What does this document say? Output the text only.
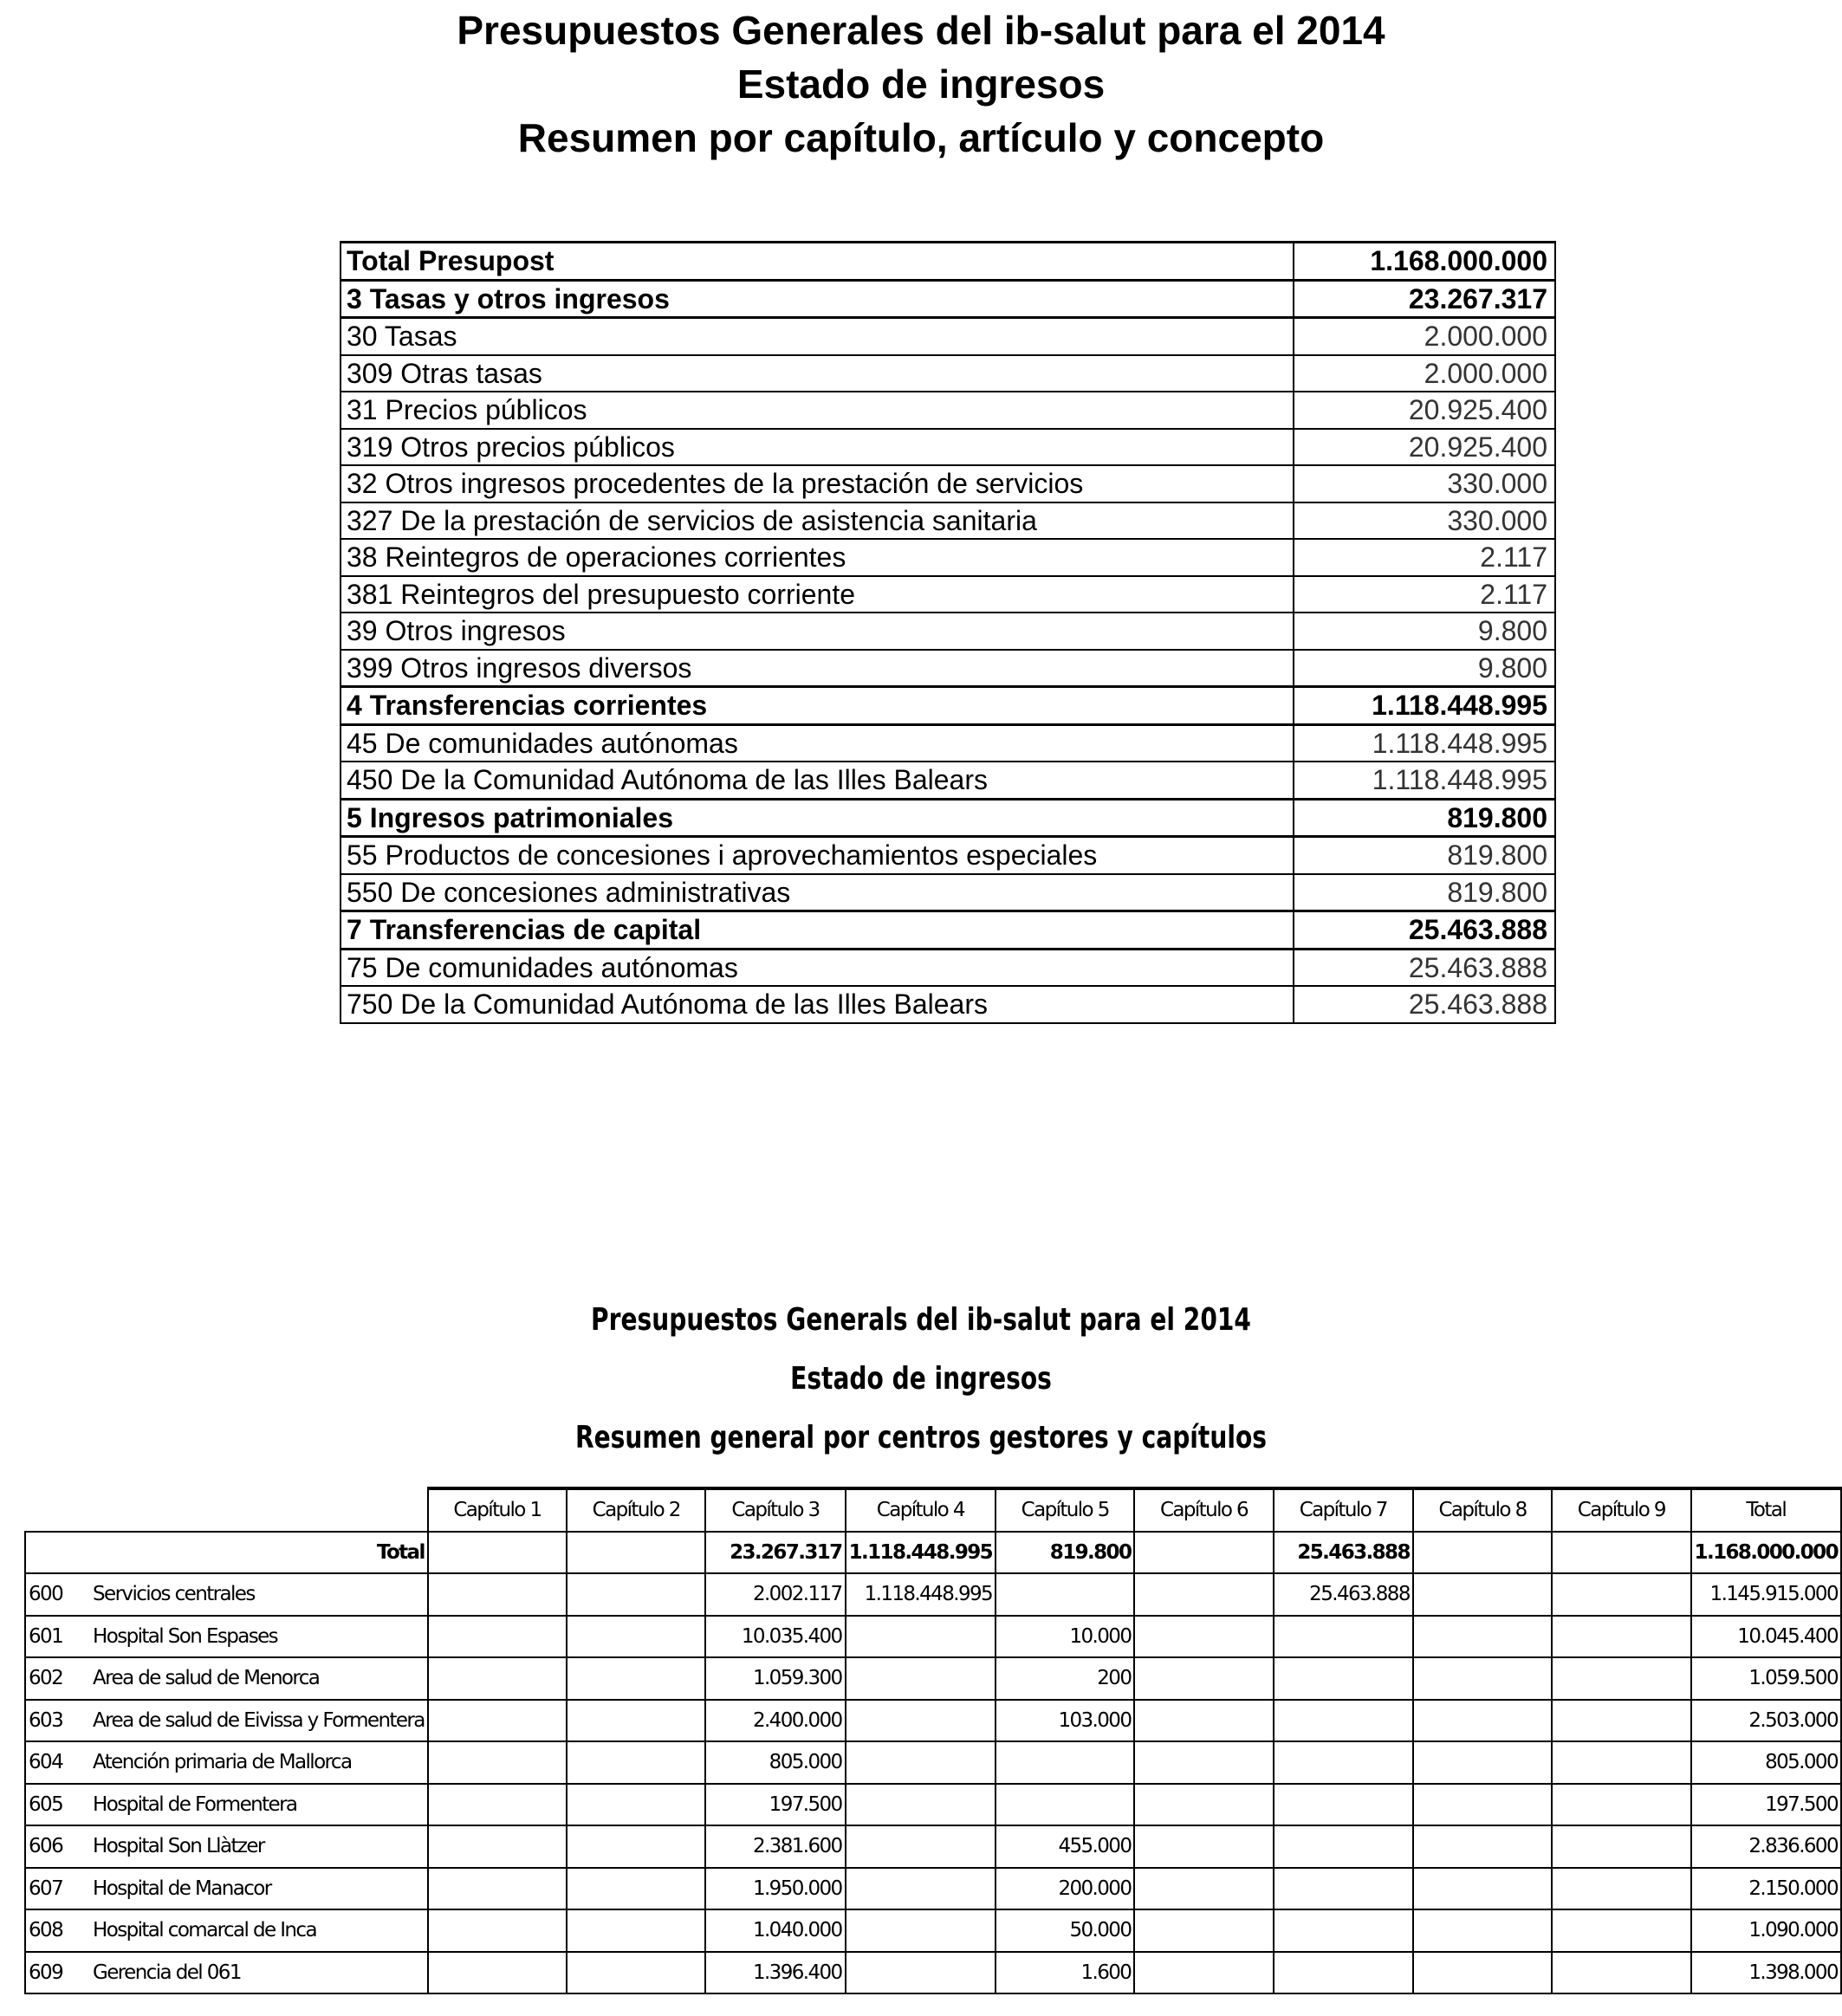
Presupuestos Generales del ib-salut para el 2014
Estado de ingresos
Resumen por capítulo, artículo y concepto
Total Presupost	1.168.000.000
3 Tasas y otros ingresos	23.267.317
30 Tasas	2.000.000
309 Otras tasas	2.000.000
31 Precios públicos	20.925.400
319 Otros precios públicos	20.925.400
32 Otros ingresos procedentes de la prestación de servicios	330.000
327 De la prestación de servicios de asistencia sanitaria	330.000
38 Reintegros de operaciones corrientes	2.117
381 Reintegros del presupuesto corriente	2.117
39 Otros ingresos	9.800
399 Otros ingresos diversos	9.800
4 Transferencias corrientes	1.118.448.995
45 De comunidades autónomas	1.118.448.995
450 De la Comunidad Autónoma de las Illes Balears	1.118.448.995
5 Ingresos patrimoniales	819.800
55 Productos de concesiones i aprovechamientos especiales	819.800
550 De concesiones administrativas	819.800
7 Transferencias de capital	25.463.888
75 De comunidades autónomas	25.463.888
750 De la Comunidad Autónoma de las Illes Balears	25.463.888
Presupuestos Generals del ib-salut para el 2014
Estado de ingresos
Resumen general por centros gestores y capítulos
		Capítulo 1	Capítulo 2	Capítulo 3	Capítulo 4	Capítulo 5	Capítulo 6	Capítulo 7	Capítulo 8	Capítulo 9	Total
Total				23.267.317	1.118.448.995	819.800		25.463.888			1.168.000.000
600	Servicios centrales			2.002.117	1.118.448.995			25.463.888			1.145.915.000
601	Hospital Son Espases			10.035.400		10.000					10.045.400
602	Area de salud de Menorca			1.059.300		200					1.059.500
603	Area de salud de Eivissa y Formentera			2.400.000		103.000					2.503.000
604	Atención primaria de Mallorca			805.000							805.000
605	Hospital de Formentera			197.500							197.500
606	Hospital Son Llàtzer			2.381.600		455.000					2.836.600
607	Hospital de Manacor			1.950.000		200.000					2.150.000
608	Hospital comarcal de Inca			1.040.000		50.000					1.090.000
609	Gerencia del 061			1.396.400		1.600					1.398.000
